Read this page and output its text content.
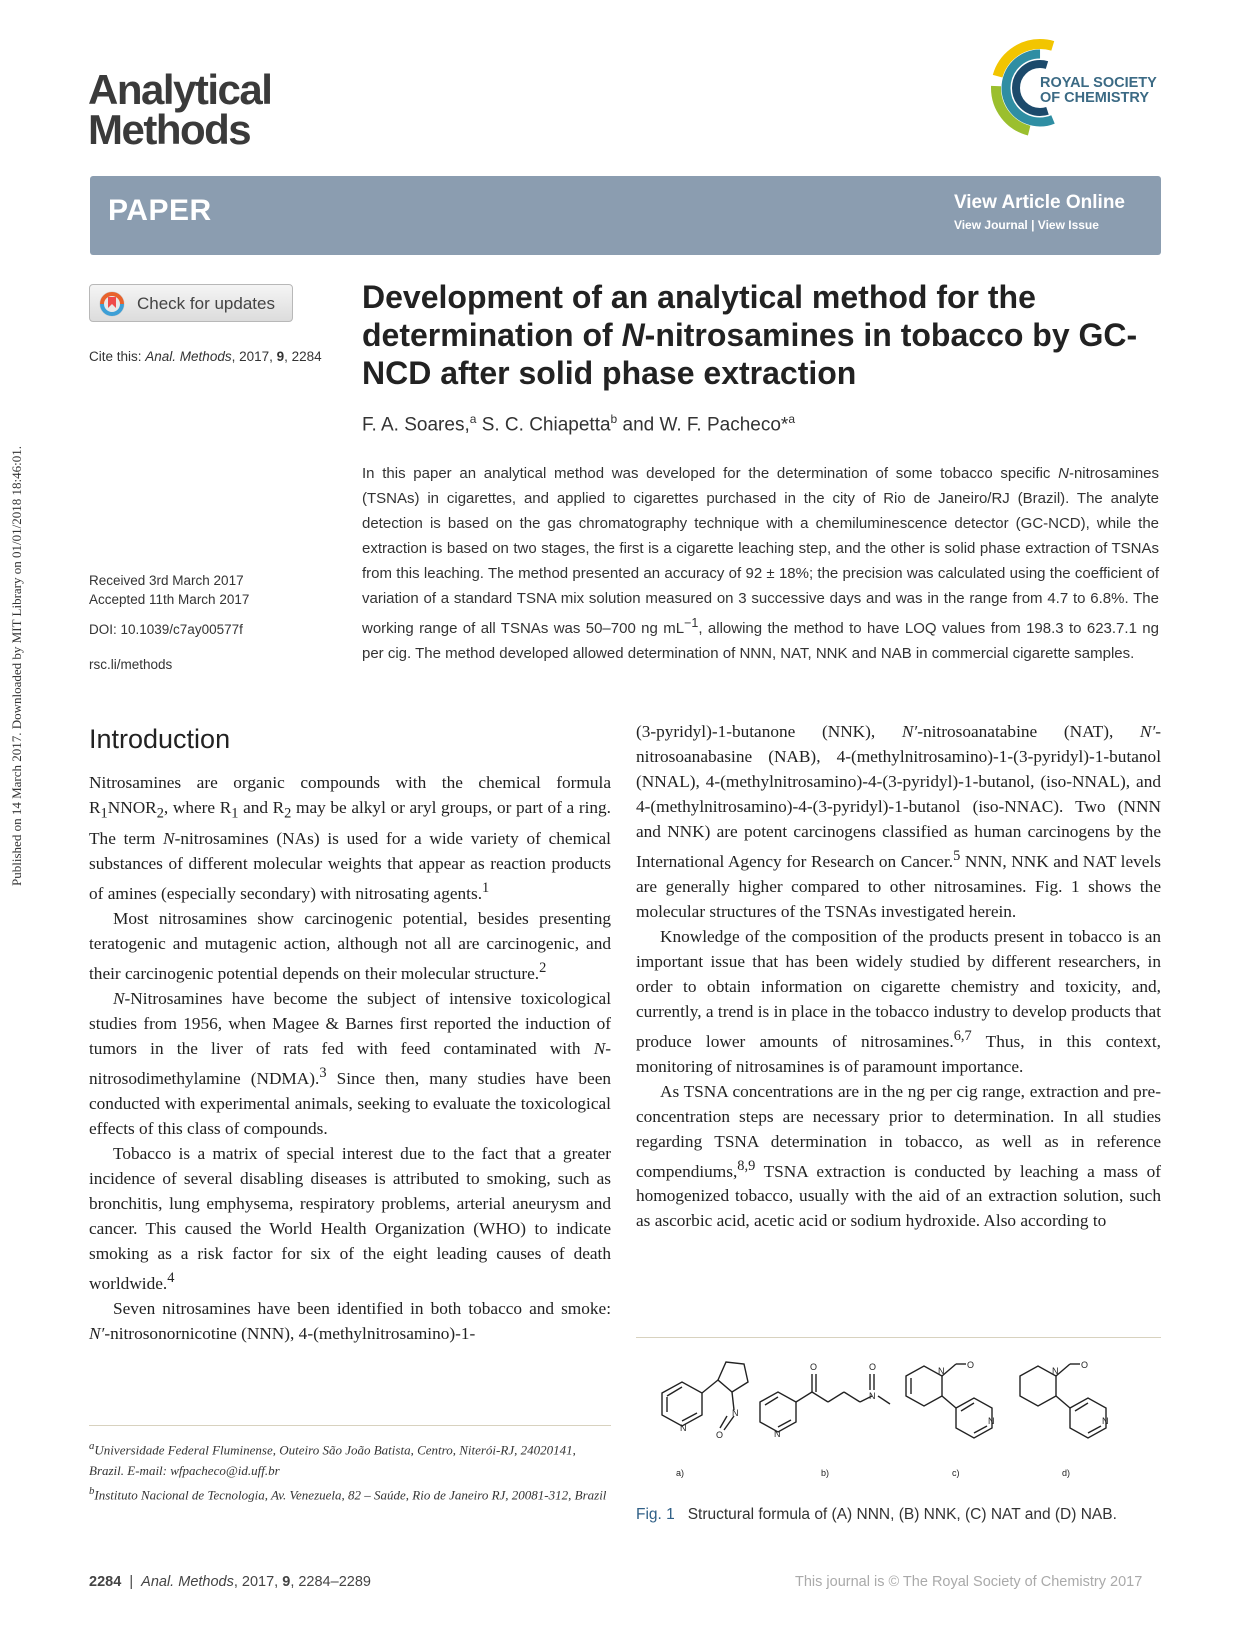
Published on 14 March 2017. Downloaded by MIT Library on 01/01/2018 18:46:01.
Analytical
Methods
ROYAL SOCIETY
OF CHEMISTRY
PAPER	View Article Online
View Journal | View Issue
Check for updates
Cite this: Anal. Methods, 2017, 9, 2284
Received 3rd March 2017
Accepted 11th March 2017
DOI: 10.1039/c7ay00577f
rsc.li/methods
Development of an analytical method for the determination of N-nitrosamines in tobacco by GC-NCD after solid phase extraction
F. A. Soares,$^a$ S. C. Chiapetta$^b$ and W. F. Pacheco*$^a$

In this paper an analytical method was developed for the determination of some tobacco specific N-nitrosamines (TSNAs) in cigarettes, and applied to cigarettes purchased in the city of Rio de Janeiro/RJ (Brazil). The analyte detection is based on the gas chromatography technique with a chemiluminescence detector (GC-NCD), while the extraction is based on two stages, the first is a cigarette leaching step, and the other is solid phase extraction of TSNAs from this leaching. The method presented an accuracy of 92 ± 18%; the precision was calculated using the coefficient of variation of a standard TSNA mix solution measured on 3 successive days and was in the range from 4.7 to 6.8%. The working range of all TSNAs was 50–700 ng $mL^{-1}$, allowing the method to have LOQ values from 198.3 to 623.7.1 ng per cig. The method developed allowed determination of NNN, NAT, NNK and NAB in commercial cigarette samples.

Introduction

Nitrosamines are organic compounds with the chemical formula $R_1NNOR_2$, where $R_1$ and $R_2$ may be alkyl or aryl groups, or part of a ring. The term N-nitrosamines (NAs) is used for a wide variety of chemical substances of different molecular weights that appear as reaction products of amines (especially secondary) with nitrosating agents.$^1$

Most nitrosamines show carcinogenic potential, besides presenting teratogenic and mutagenic action, although not all are carcinogenic, and their carcinogenic potential depends on their molecular structure.$^2$

N-Nitrosamines have become the subject of intensive toxicological studies from 1956, when Magee & Barnes first reported the induction of tumors in the liver of rats fed with feed contaminated with N-nitrosodimethylamine (NDMA).$^3$ Since then, many studies have been conducted with experimental animals, seeking to evaluate the toxicological effects of this class of compounds.

Tobacco is a matrix of special interest due to the fact that a greater incidence of several disabling diseases is attributed to smoking, such as bronchitis, lung emphysema, respiratory problems, arterial aneurysm and cancer. This caused the World Health Organization (WHO) to indicate smoking as a risk factor for six of the eight leading causes of death worldwide.$^4$

Seven nitrosamines have been identified in both tobacco and smoke: N′-nitrosonornicotine (NNN), 4-(methylnitrosamino)-1-

(3-pyridyl)-1-butanone (NNK), N′-nitrosoanatabine (NAT), N′-nitrosoanabasine (NAB), 4-(methylnitrosamino)-1-(3-pyridyl)-1-butanol (NNAL), 4-(methylnitrosamino)-4-(3-pyridyl)-1-butanol, (iso-NNAL), and 4-(methylnitrosamino)-4-(3-pyridyl)-1-butanol (iso-NNAC). Two (NNN and NNK) are potent carcinogens classified as human carcinogens by the International Agency for Research on Cancer.$^5$ NNN, NNK and NAT levels are generally higher compared to other nitrosamines. Fig. 1 shows the molecular structures of the TSNAs investigated herein.

Knowledge of the composition of the products present in tobacco is an important issue that has been widely studied by different researchers, in order to obtain information on cigarette chemistry and toxicity, and, currently, a trend is in place in the tobacco industry to develop products that produce lower amounts of nitrosamines.$^{6,7}$ Thus, in this context, monitoring of nitrosamines is of paramount importance.

As TSNA concentrations are in the ng per cig range, extraction and pre-concentration steps are necessary prior to determination. In all studies regarding TSNA determination in tobacco, as well as in reference compendiums,$^{8,9}$ TSNA extraction is conducted by leaching a mass of homogenized tobacco, usually with the aid of an extraction solution, such as ascorbic acid, acetic acid or sodium hydroxide. Also according to

$^a$Universidade Federal Fluminense, Outeiro São João Batista, Centro, Niterói-RJ, 24020141, Brazil. E-mail: wfpacheco@id.uff.br

$^b$Instituto Nacional de Tecnologia, Av. Venezuela, 82 – Saúde, Rio de Janeiro RJ, 20081-312, Brazil

N
N
O	N
N
O
O	N
O
N
N
O
N
a)	b)	c)	d)
Fig. 1 Structural formula of (A) NNN, (B) NNK, (C) NAT and (D) NAB.
2284  |  Anal. Methods, 2017, 9, 2284–2289	This journal is © The Royal Society of Chemistry 2017
